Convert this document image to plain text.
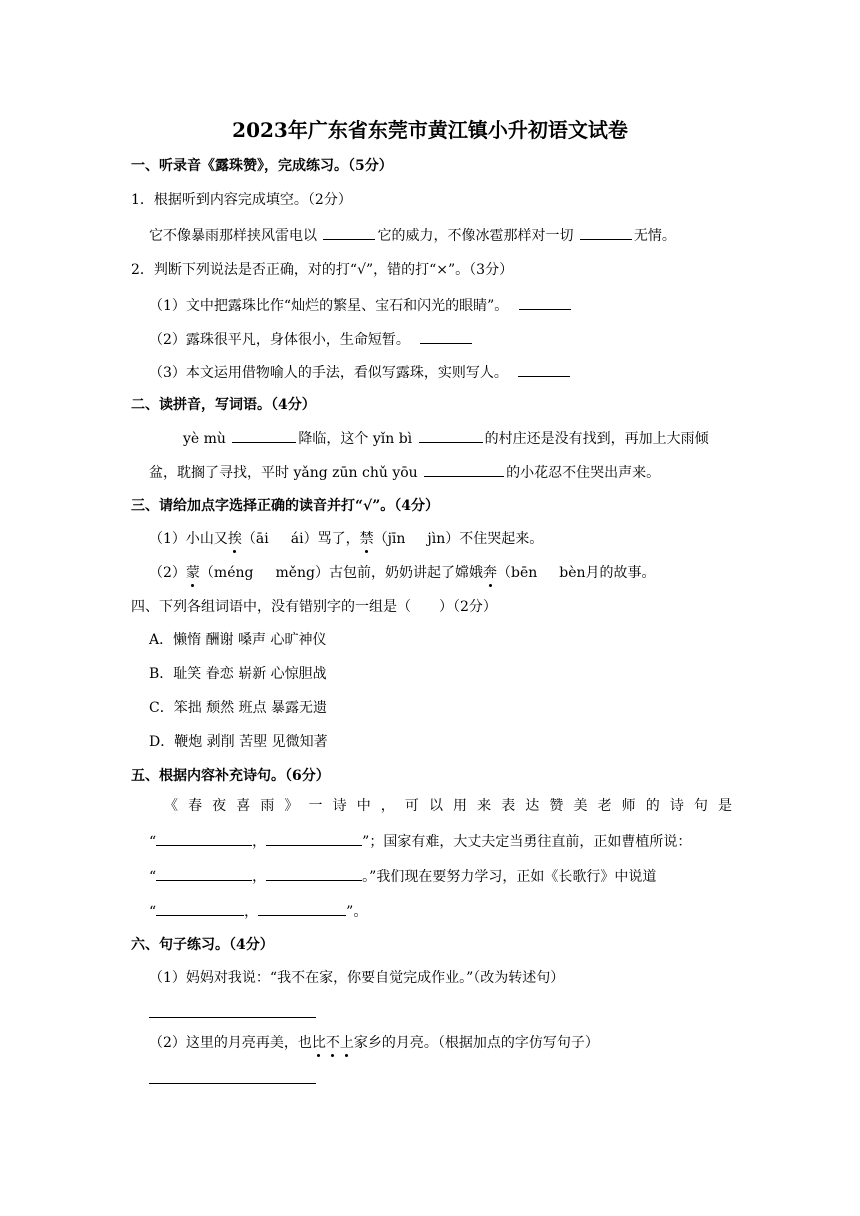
2023年广东省东莞市黄江镇小升初语文试卷
一、听录音《露珠赞》，完成练习。（5分）
1．根据听到内容完成填空。（2分）
它不像暴雨那样挟风雷电以	它的威力，不像冰雹那样对一切	无情。
2．判断下列说法是否正确，对的打“√”，错的打“×”。（3分）
（1）文中把露珠比作“灿烂的繁星、宝石和闪光的眼睛”。
（2）露珠很平凡，身体很小，生命短暂。
（3）本文运用借物喻人的手法，看似写露珠，实则写人。
二、读拼音，写词语。（4分）
yè mù	降临，这个 yǐn bì	的村庄还是没有找到，再加上大雨倾
盆，耽搁了寻找，平时 yǎng zūn chǔ yōu	的小花忍不住哭出声来。
三、请给加点字选择正确的读音并打“√”。（4分）
（1）小山又挨（āi ái）骂了，禁（jīn jìn）不住哭起来。
（2）蒙（méng měng）古包前，奶奶讲起了嫦娥奔（bēn bèn月的故事。
四、下列各组词语中，没有错别字的一组是（　　）（2分）
A．懒惰 酬谢 嗓声 心旷神仪
B．耻笑 眷恋 崭新 心惊胆战
C．笨拙 颓然 班点 暴露无遗
D．鞭炮 剥削 苦堲 见微知著
五、根据内容补充诗句。（6分）
《春夜喜雨》一诗中，可以用来表达赞美老师的诗句是
“	，	”；国家有难，大丈夫定当勇往直前，正如曹植所说：
“	，	。”我们现在要努力学习，正如《长歌行》中说道
“	，	”。
六、句子练习。（4分）
（1）妈妈对我说：“我不在家，你要自觉完成作业。”（改为转述句）
（2）这里的月亮再美，也比不上家乡的月亮。（根据加点的字仿写句子）
